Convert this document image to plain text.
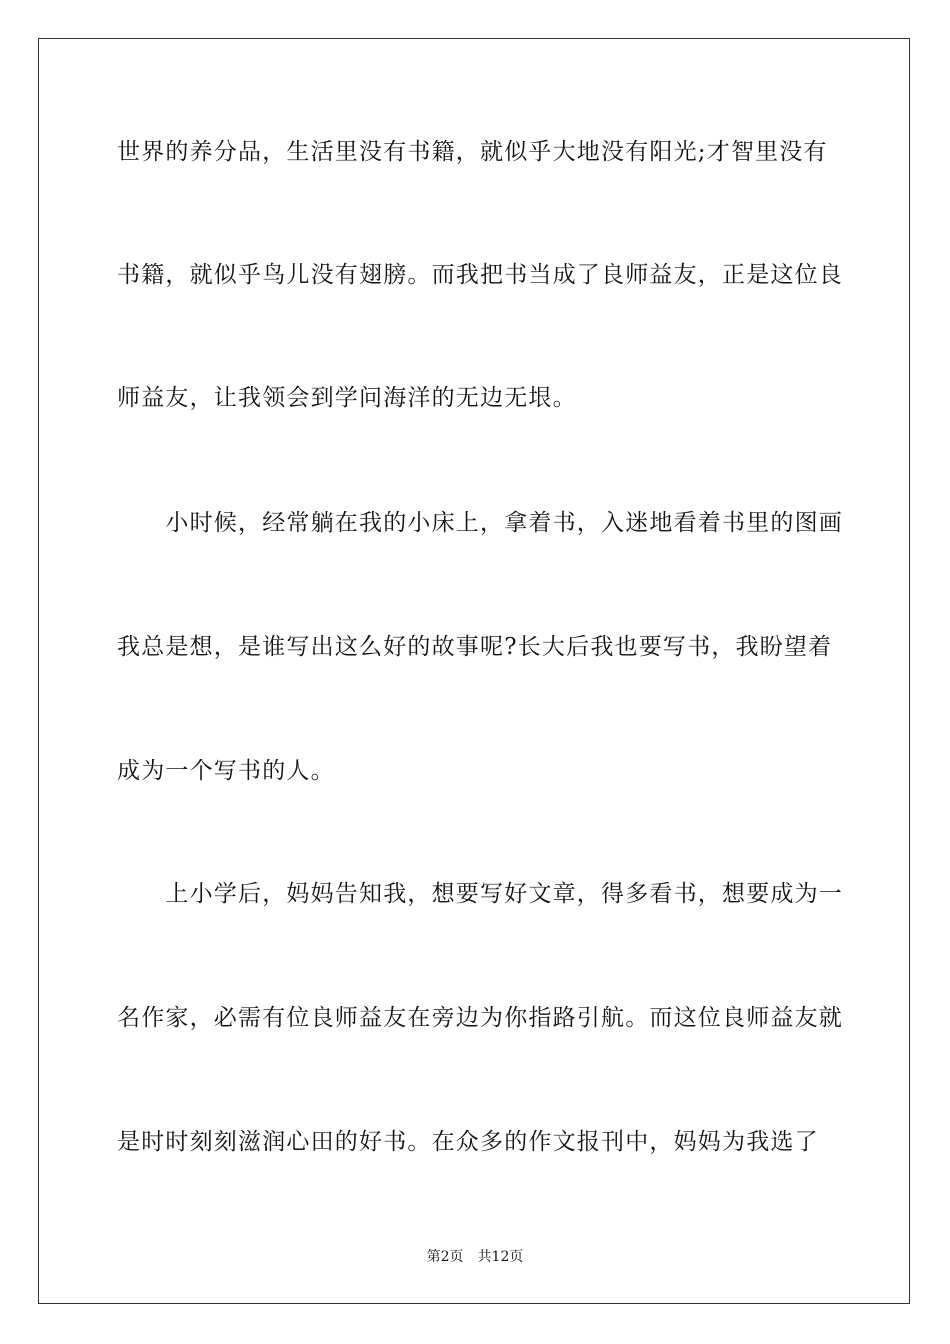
世界的养分品，生活里没有书籍，就似乎大地没有阳光;才智里没有
书籍，就似乎鸟儿没有翅膀。而我把书当成了良师益友，正是这位良
师益友，让我领会到学问海洋的无边无垠。
　　小时候，经常躺在我的小床上，拿着书，入迷地看着书里的图画
我总是想，是谁写出这么好的故事呢?长大后我也要写书，我盼望着
成为一个写书的人。
　　上小学后，妈妈告知我，想要写好文章，得多看书，想要成为一
名作家，必需有位良师益友在旁边为你指路引航。而这位良师益友就
是时时刻刻滋润心田的好书。在众多的作文报刊中，妈妈为我选了
第2页　共12页
